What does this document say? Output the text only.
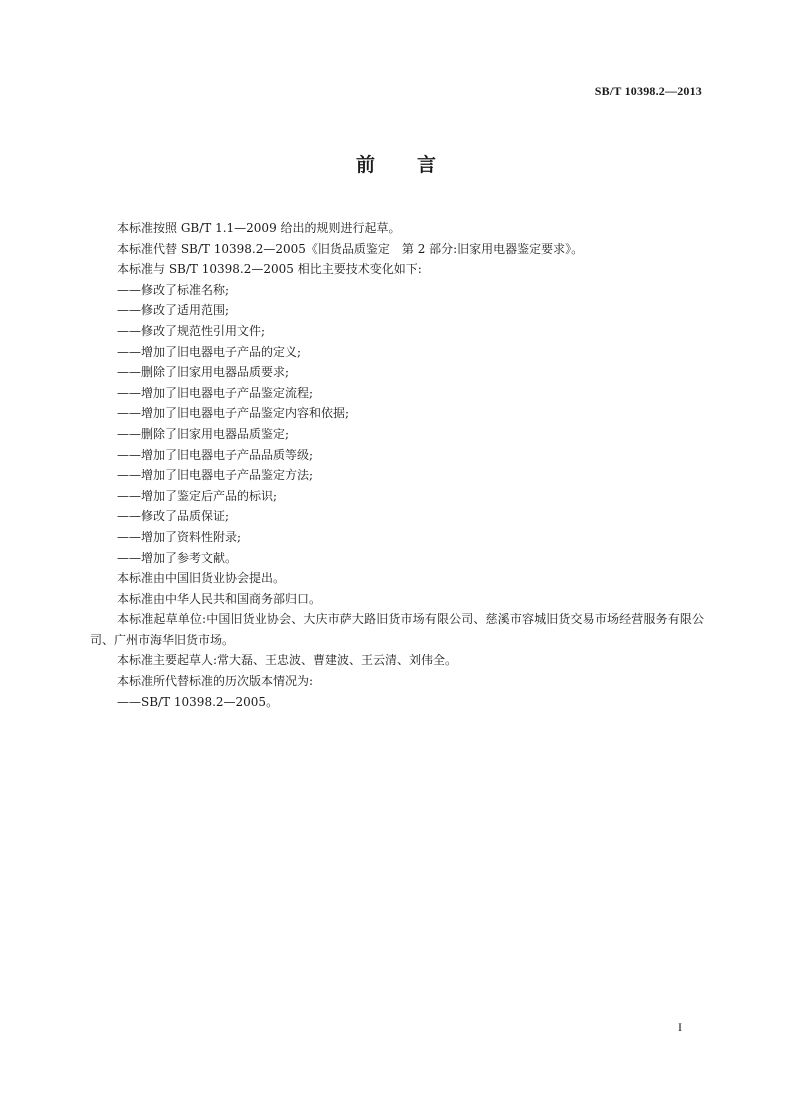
SB/T 10398.2—2013
前言

本标准按照 GB/T 1.1—2009 给出的规则进行起草。

本标准代替 SB/T 10398.2—2005《旧货品质鉴定　第 2 部分:旧家用电器鉴定要求》。

本标准与 SB/T 10398.2—2005 相比主要技术变化如下:

——修改了标准名称;

——修改了适用范围;

——修改了规范性引用文件;

——增加了旧电器电子产品的定义;

——删除了旧家用电器品质要求;

——增加了旧电器电子产品鉴定流程;

——增加了旧电器电子产品鉴定内容和依据;

——删除了旧家用电器品质鉴定;

——增加了旧电器电子产品品质等级;

——增加了旧电器电子产品鉴定方法;

——增加了鉴定后产品的标识;

——修改了品质保证;

——增加了资料性附录;

——增加了参考文献。

本标准由中国旧货业协会提出。

本标准由中华人民共和国商务部归口。

本标准起草单位:中国旧货业协会、大庆市萨大路旧货市场有限公司、慈溪市容城旧货交易市场经营服务有限公司、广州市海华旧货市场。

本标准主要起草人:常大磊、王忠波、曹建波、王云清、刘伟全。

本标准所代替标准的历次版本情况为:

——SB/T 10398.2—2005。

I
